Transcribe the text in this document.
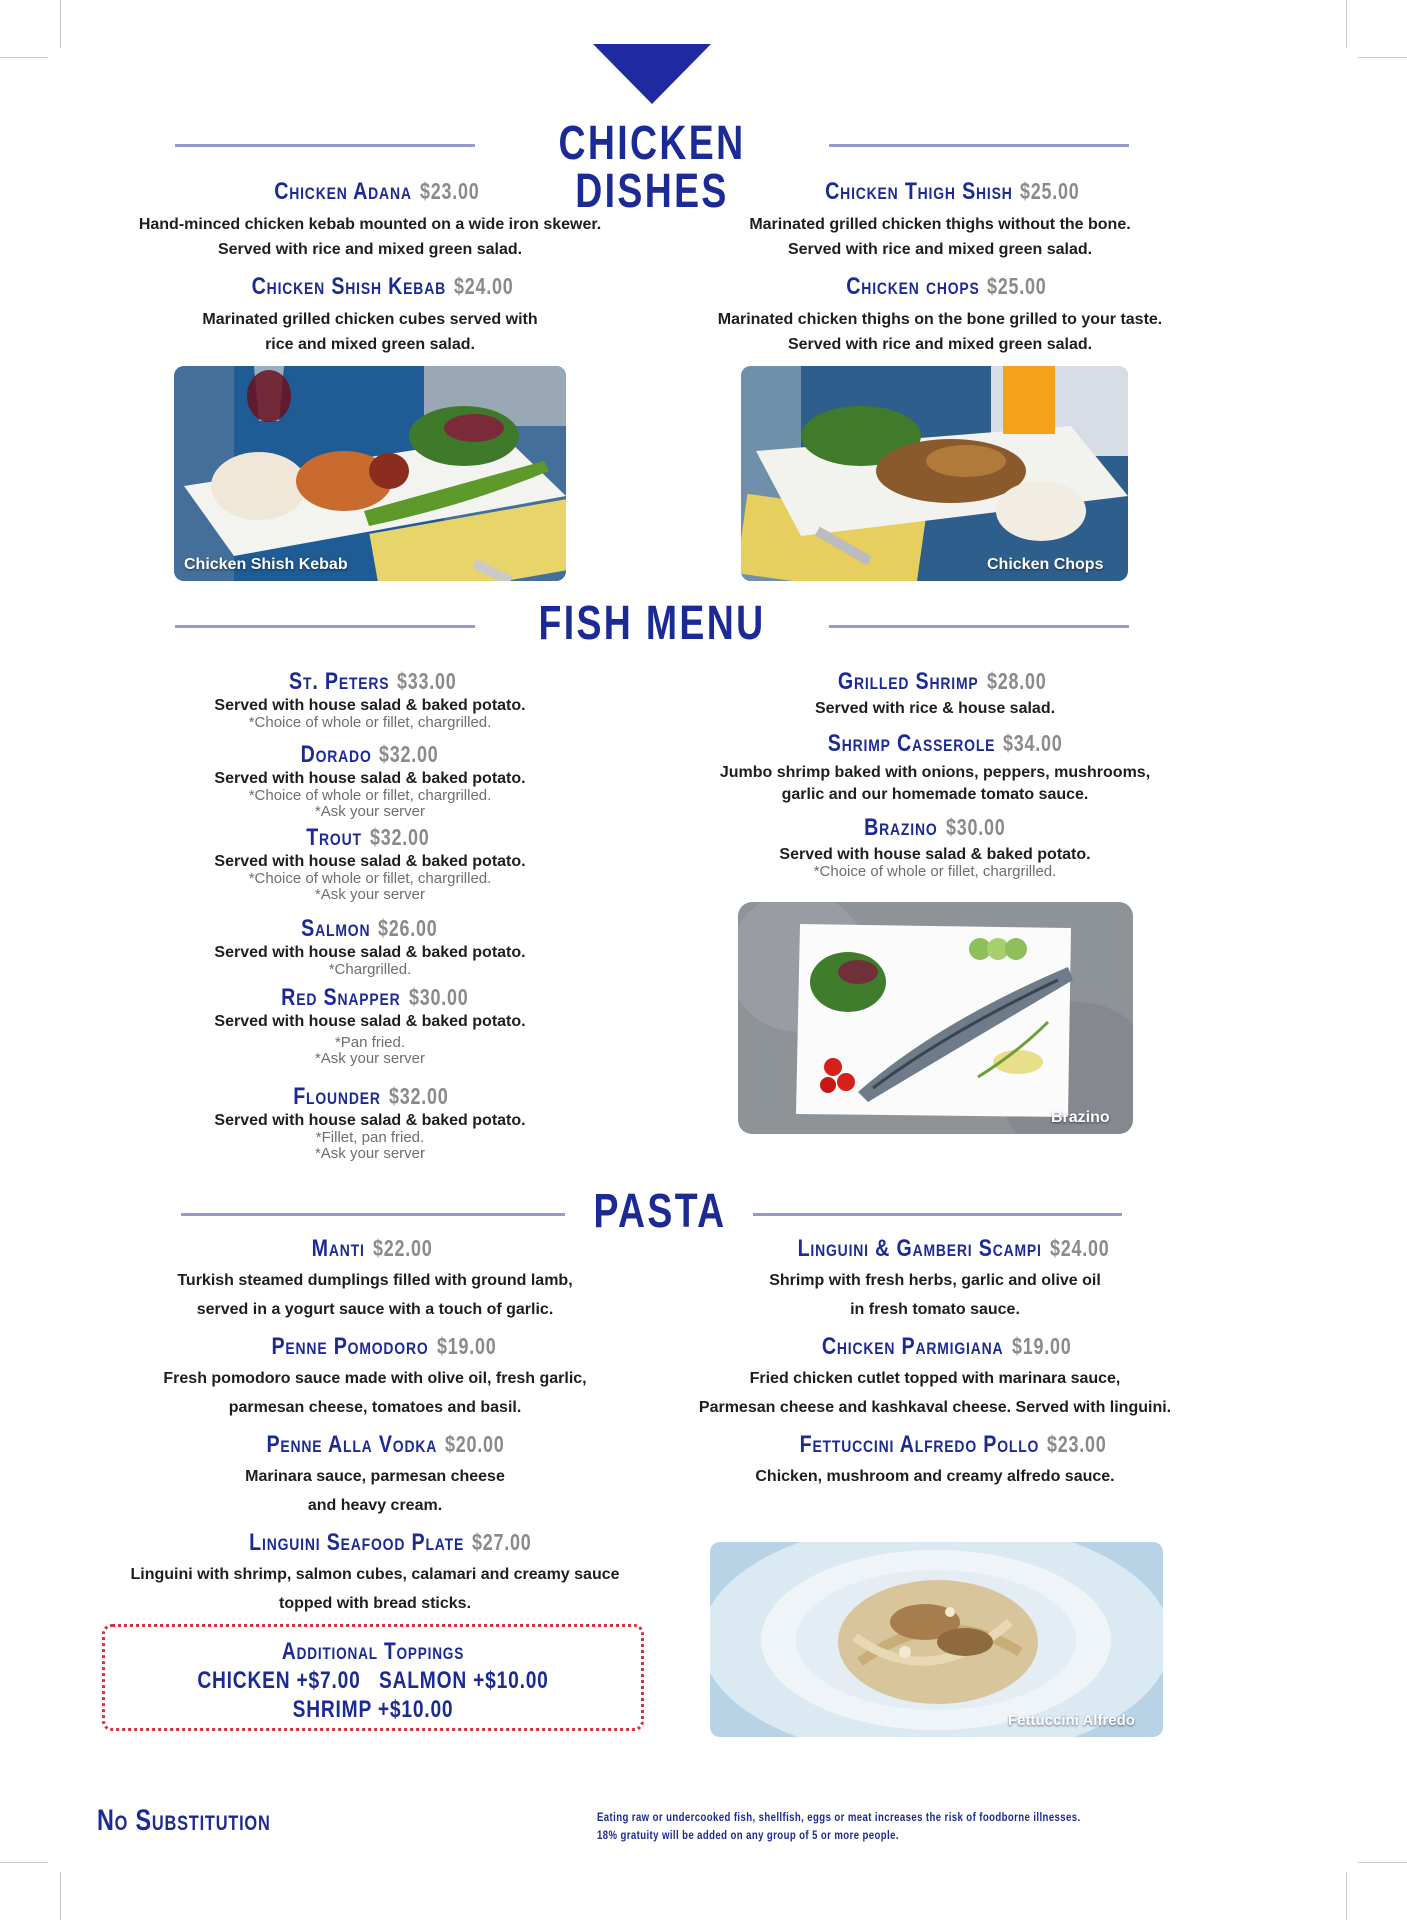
CHICKEN DISHES
Chicken Adana $23.00
Hand-minced chicken kebab mounted on a wide iron skewer.
Served with rice and mixed green salad.
Chicken Thigh Shish $25.00
Marinated grilled chicken thighs without the bone.
Served with rice and mixed green salad.
Chicken Shish Kebab $24.00
Marinated grilled chicken cubes served with
rice and mixed green salad.
Chicken chops $25.00
Marinated chicken thighs on the bone grilled to your taste.
Served with rice and mixed green salad.
Chicken Shish Kebab	Chicken Chops
FISH MENU
St. Peters $33.00
Served with house salad & baked potato.
*Choice of whole or fillet, chargrilled.
Dorado $32.00
Served with house salad & baked potato.
*Choice of whole or fillet, chargrilled.
*Ask your server
Trout $32.00
Served with house salad & baked potato.
*Choice of whole or fillet, chargrilled.
*Ask your server
Salmon $26.00
Served with house salad & baked potato.
*Chargrilled.
Red Snapper $30.00
Served with house salad & baked potato.
*Pan fried.
*Ask your server
Flounder $32.00
Served with house salad & baked potato.
*Fillet, pan fried.
*Ask your server
Grilled Shrimp $28.00
Served with rice & house salad.
Shrimp Casserole $34.00
Jumbo shrimp baked with onions, peppers, mushrooms,
garlic and our homemade tomato sauce.
Brazino $30.00
Served with house salad & baked potato.
*Choice of whole or fillet, chargrilled.
Brazino
PASTA
Manti $22.00
Turkish steamed dumplings filled with ground lamb,
served in a yogurt sauce with a touch of garlic.
Penne Pomodoro $19.00
Fresh pomodoro sauce made with olive oil, fresh garlic,
parmesan cheese, tomatoes and basil.
Penne Alla Vodka $20.00
Marinara sauce, parmesan cheese
and heavy cream.
Linguini Seafood Plate $27.00
Linguini with shrimp, salmon cubes, calamari and creamy sauce
topped with bread sticks.
Additional Toppings
CHICKEN +$7.00   SALMON +$10.00
SHRIMP +$10.00
Linguini & Gamberi Scampi $24.00
Shrimp with fresh herbs, garlic and olive oil
in fresh tomato sauce.
Chicken Parmigiana $19.00
Fried chicken cutlet topped with marinara sauce,
Parmesan cheese and kashkaval cheese. Served with linguini.
Fettuccini Alfredo Pollo $23.00
Chicken, mushroom and creamy alfredo sauce.
Fettuccini Alfredo
No Substitution	Eating raw or undercooked fish, shellfish, eggs or meat increases the risk of foodborne illnesses.
18% gratuity will be added on any group of 5 or more people.
